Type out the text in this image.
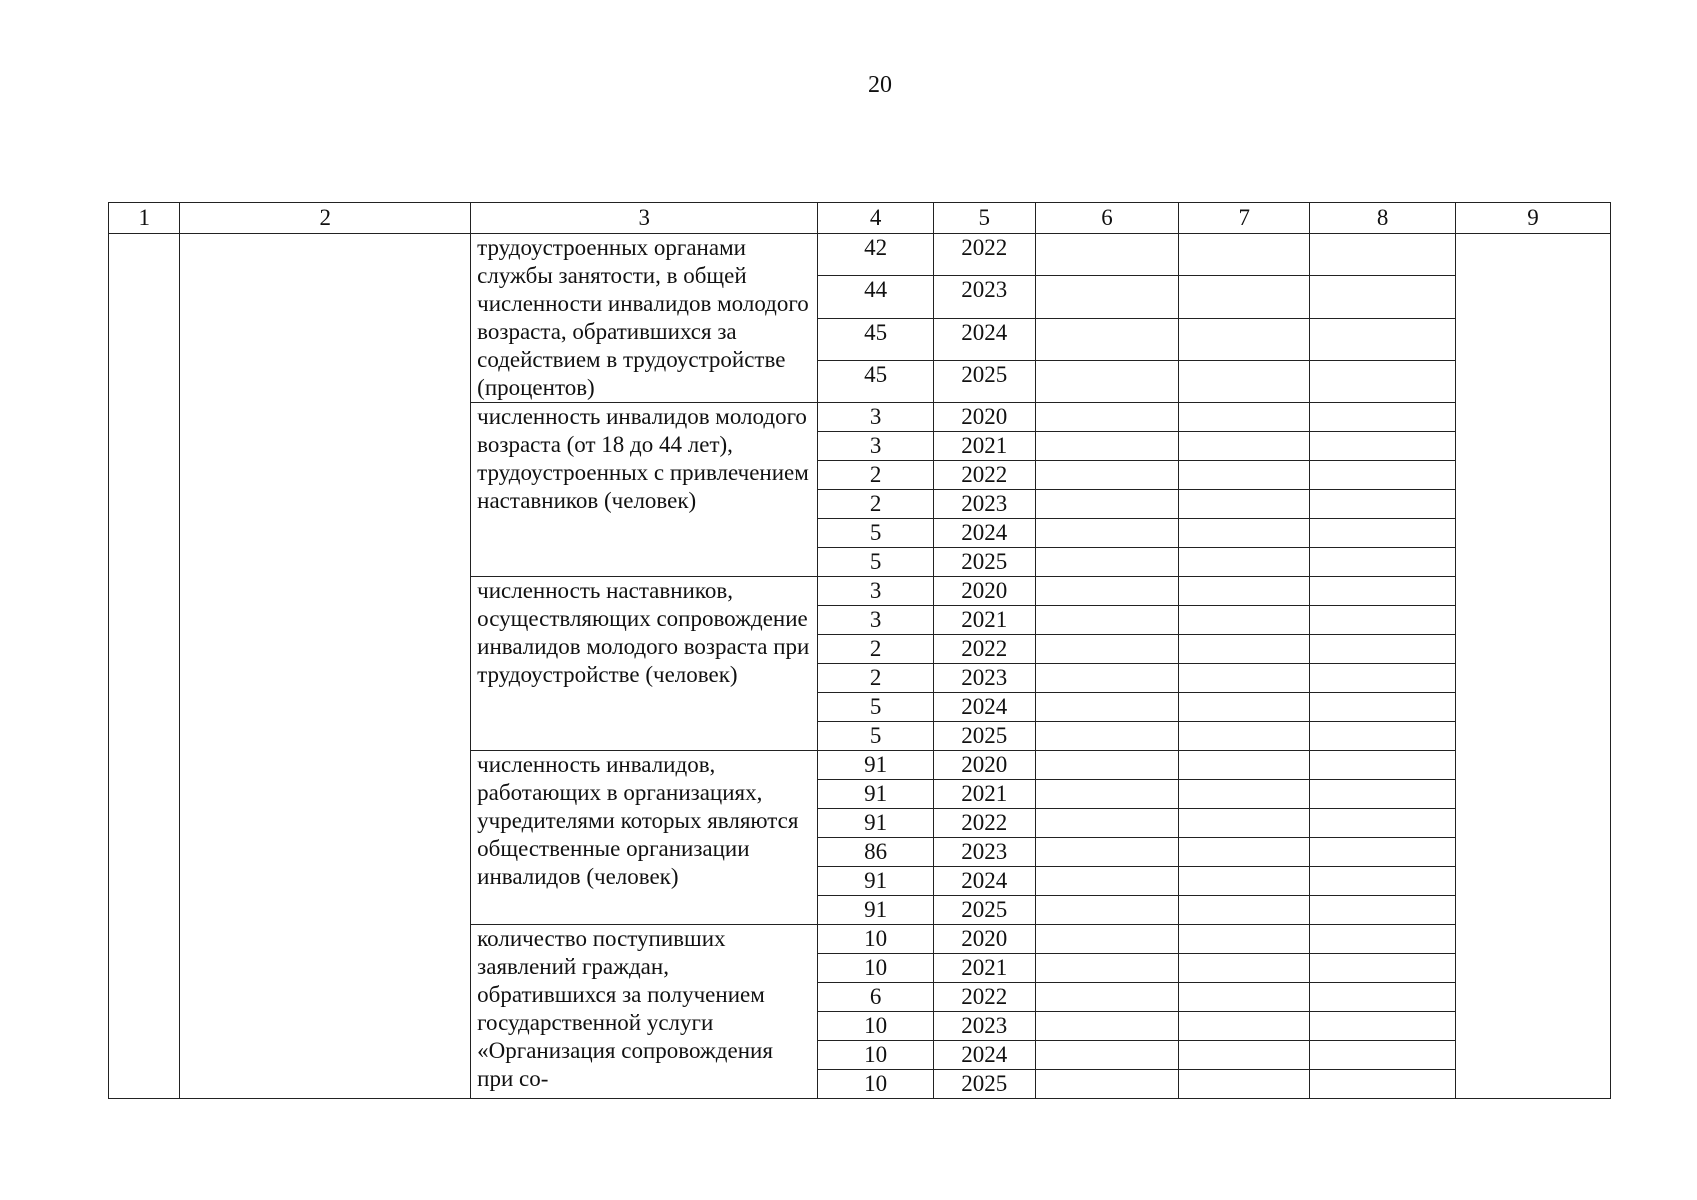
20
1	2	3	4	5	6	7	8	9
		трудоустроенных органами службы занятости, в общей численности инвалидов молодого возраста, обратившихся за содействием в трудоустройстве (процентов)	42	2022				
			44	2023				
			45	2024				
			45	2025				
		численность инвалидов молодого возраста (от 18 до 44 лет), трудоустроенных с привлечением наставников (человек)	3	2020				
			3	2021				
			2	2022				
			2	2023				
			5	2024				
			5	2025				
		численность наставников, осуществляющих сопровождение инвалидов молодого возраста при трудоустройстве (человек)	3	2020				
			3	2021				
			2	2022				
			2	2023				
			5	2024				
			5	2025				
		численность инвалидов, работающих в организациях, учредителями которых являются общественные организации инвалидов (человек)	91	2020				
			91	2021				
			91	2022				
			86	2023				
			91	2024				
			91	2025				
		количество поступивших заявлений граждан, обратившихся за получением государственной услуги «Организация сопровождения при со-	10	2020				
			10	2021				
			6	2022				
			10	2023				
			10	2024				
			10	2025				
